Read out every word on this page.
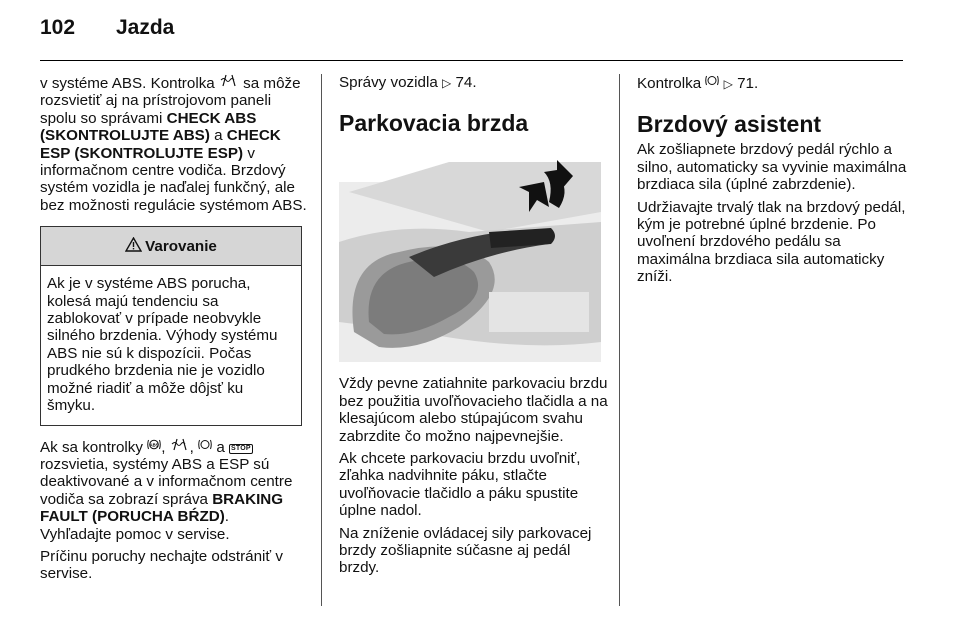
102 Jazda

v systéme ABS. Kontrolka  sa môže rozsvietiť aj na prístrojovom paneli spolu so správami CHECK ABS (SKONTROLUJTE ABS) a CHECK ESP (SKONTROLUJTE ESP) v informačnom centre vodiča. Brzdový systém vozidla je naďalej funkčný, ale bez možnosti regulácie systémom ABS.

Varovanie
Ak je v systéme ABS porucha, kolesá majú tendenciu sa zablokovať v prípade neobvykle silného brzdenia. Výhody systému ABS nie sú k dispozícii. Počas prudkého brzdenia nie je vozidlo možné riadiť a môže dôjsť ku šmyku.

Ak sa kontrolky ABS , ,  a STOP rozsvietia, systémy ABS a ESP sú deaktivované a v informačnom centre vodiča sa zobrazí správa BRAKING FAULT (PORUCHA BŔZD).

Vyhľadajte pomoc v servise.

Príčinu poruchy nechajte odstrániť v servise.

Správy vozidla ▷ 74.

Parkovacia brzda

Vždy pevne zatiahnite parkovaciu brzdu bez použitia uvoľňovacieho tlačidla a na klesajúcom alebo stúpajúcom svahu zabrzdite čo možno najpevnejšie.

Ak chcete parkovaciu brzdu uvoľniť, zľahka nadvihnite páku, stlačte uvoľňovacie tlačidlo a páku spustite úplne nadol.

Na zníženie ovládacej sily parkovacej brzdy zošliapnite súčasne aj pedál brzdy.

Kontrolka  ▷ 71.

Brzdový asistent

Ak zošliapnete brzdový pedál rýchlo a silno, automaticky sa vyvinie maximálna brzdiaca sila (úplné zabrzdenie).

Udržiavajte trvalý tlak na brzdový pedál, kým je potrebné úplné brzdenie. Po uvoľnení brzdového pedálu sa maximálna brzdiaca sila automaticky zníži.
